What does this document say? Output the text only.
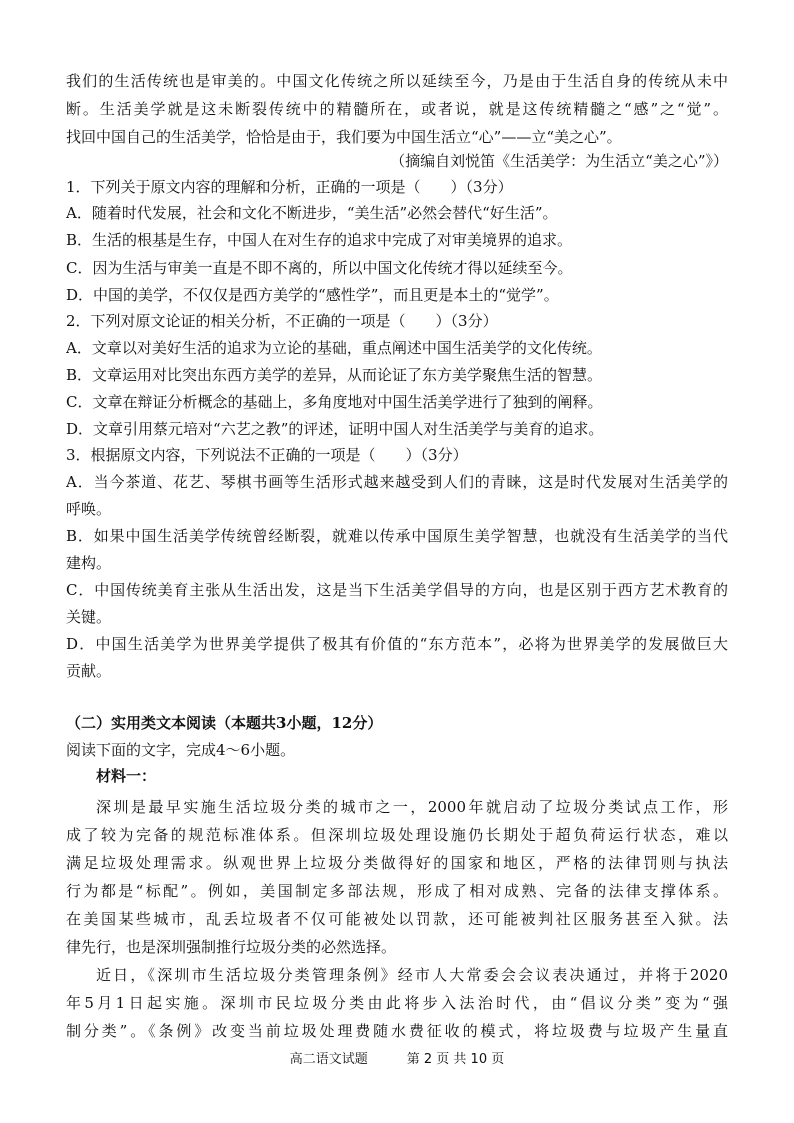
我们的生活传统也是审美的。中国文化传统之所以延续至今，乃是由于生活自身的传统从未中
断。生活美学就是这未断裂传统中的精髓所在，或者说，就是这传统精髓之“感”之“觉”。
找回中国自己的生活美学，恰恰是由于，我们要为中国生活立“心”——立“美之心”。
（摘编自刘悦笛《生活美学：为生活立“美之心”》）
1．下列关于原文内容的理解和分析，正确的一项是（　　）（3分）
A．随着时代发展，社会和文化不断进步，“美生活”必然会替代“好生活”。
B．生活的根基是生存，中国人在对生存的追求中完成了对审美境界的追求。
C．因为生活与审美一直是不即不离的，所以中国文化传统才得以延续至今。
D．中国的美学，不仅仅是西方美学的“感性学”，而且更是本土的“觉学”。
2．下列对原文论证的相关分析，不正确的一项是（　　）（3分）
A．文章以对美好生活的追求为立论的基础，重点阐述中国生活美学的文化传统。
B．文章运用对比突出东西方美学的差异，从而论证了东方美学聚焦生活的智慧。
C．文章在辩证分析概念的基础上，多角度地对中国生活美学进行了独到的阐释。
D．文章引用蔡元培对“六艺之教”的评述，证明中国人对生活美学与美育的追求。
3．根据原文内容，下列说法不正确的一项是（　　）（3分）
A．当今茶道、花艺、琴棋书画等生活形式越来越受到人们的青睐，这是时代发展对生活美学的
呼唤。
B．如果中国生活美学传统曾经断裂，就难以传承中国原生美学智慧，也就没有生活美学的当代
建构。
C．中国传统美育主张从生活出发，这是当下生活美学倡导的方向，也是区别于西方艺术教育的
关键。
D．中国生活美学为世界美学提供了极其有价值的“东方范本”，必将为世界美学的发展做巨大
贡献。
（二）实用类文本阅读（本题共3小题，12分）
阅读下面的文字，完成4～6小题。
材料一：
深圳是最早实施生活垃圾分类的城市之一，2000年就启动了垃圾分类试点工作，形
成了较为完备的规范标准体系。但深圳垃圾处理设施仍长期处于超负荷运行状态，难以
满足垃圾处理需求。纵观世界上垃圾分类做得好的国家和地区，严格的法律罚则与执法
行为都是“标配”。例如，美国制定多部法规，形成了相对成熟、完备的法律支撑体系。
在美国某些城市，乱丢垃圾者不仅可能被处以罚款，还可能被判社区服务甚至入狱。法
律先行，也是深圳强制推行垃圾分类的必然选择。
近日，《深圳市生活垃圾分类管理条例》经市人大常委会会议表决通过，并将于2020
年5月1日起实施。深圳市民垃圾分类由此将步入法治时代，由“倡议分类”变为“强
制分类”。《条例》改变当前垃圾处理费随水费征收的模式，将垃圾费与垃圾产生量直
高二语文试题　　　第 2 页 共 10 页
